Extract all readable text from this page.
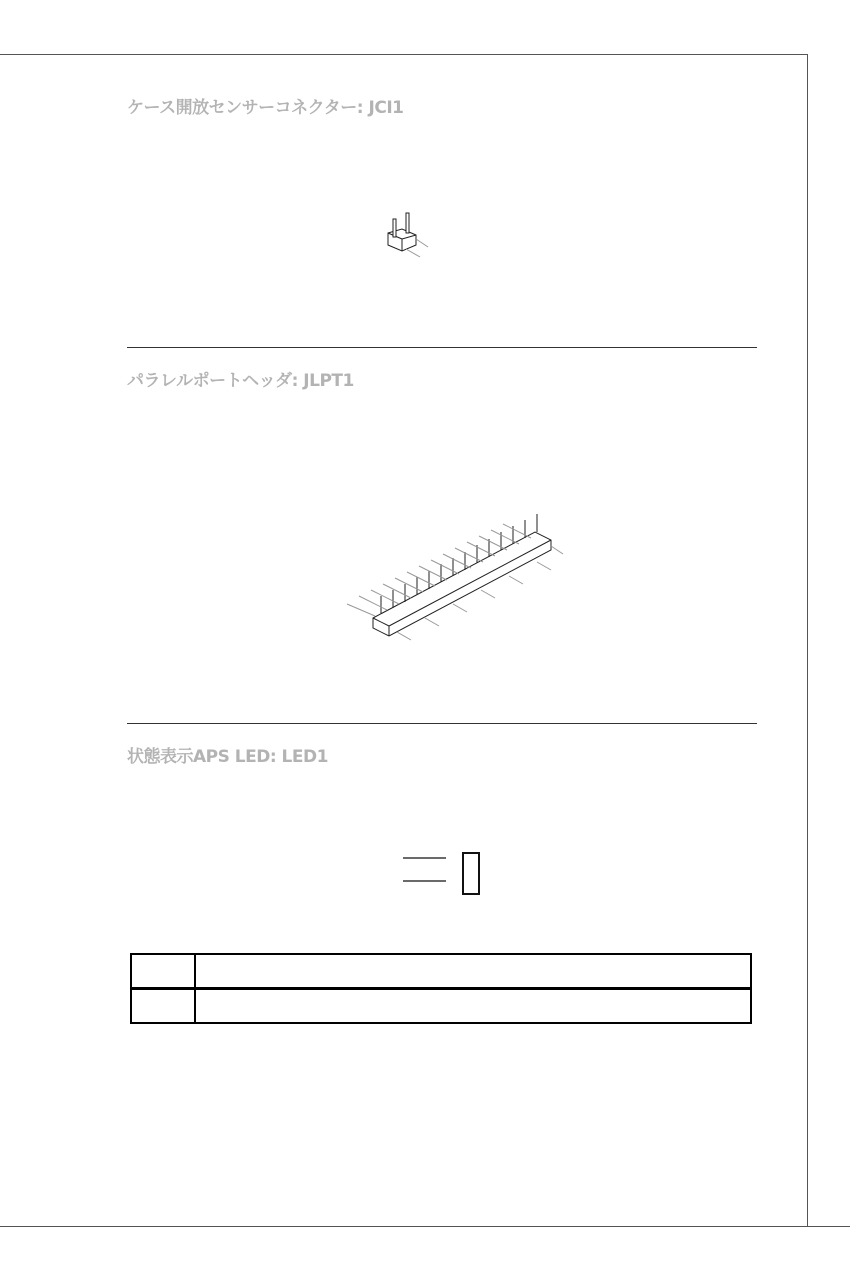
ケース開放センサーコネクター: JCI1
パラレルポートヘッダ: JLPT1
状態表示APS LED: LED1
